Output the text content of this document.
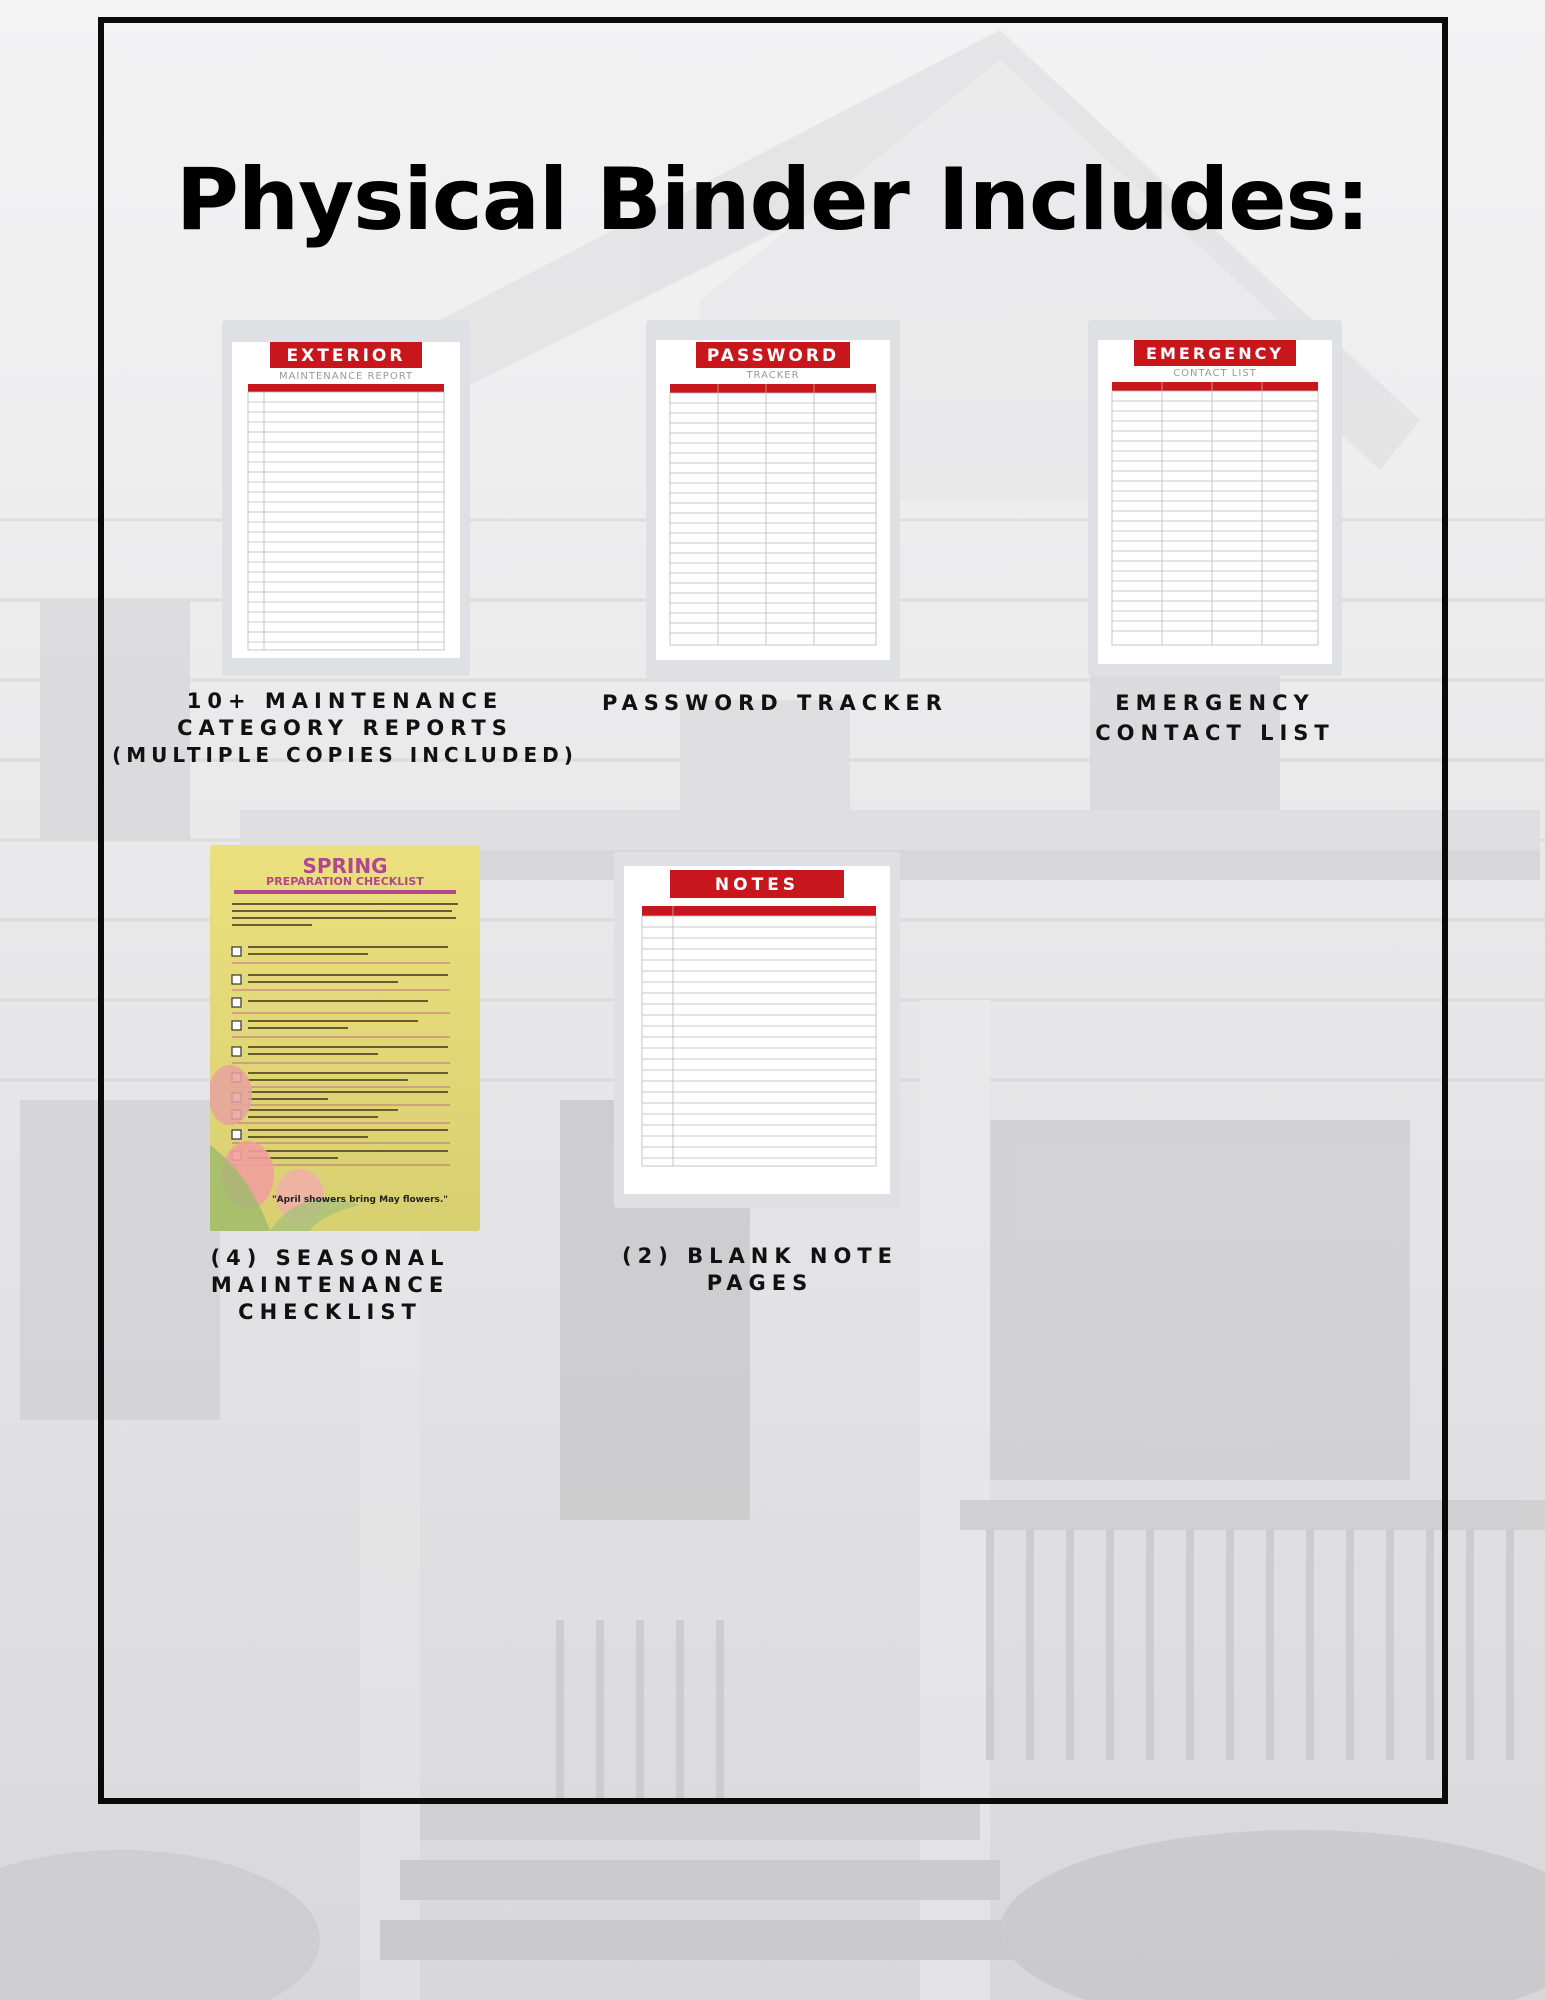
Physical Binder Includes:
EXTERIOR
MAINTENANCE REPORT
PASSWORD
TRACKER
EMERGENCY
CONTACT LIST
SPRING
PREPARATION CHECKLIST
"April showers bring May flowers."
NOTES
10+ MAINTENANCE
CATEGORY REPORTS
(MULTIPLE COPIES INCLUDED)
PASSWORD TRACKER	EMERGENCY
CONTACT LIST
(4) SEASONAL
MAINTENANCE CHECKLIST
(2) BLANK NOTE PAGES
